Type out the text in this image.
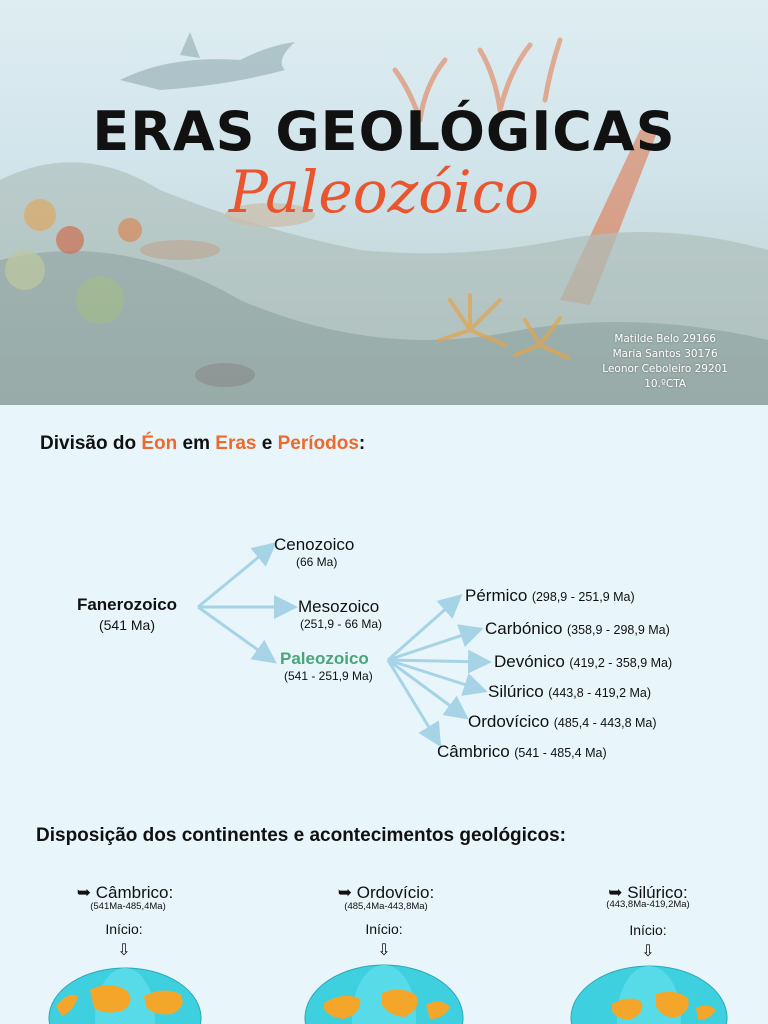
ERAS GEOLÓGICAS
Paleozóico
Matilde Belo 29166
Maria Santos 30176
Leonor Ceboleiro 29201
10.ºCTA
Divisão do Éon em Eras e Períodos:
Fanerozoico
(541 Ma)
Cenozoico
(66 Ma)
Mesozoico
(251,9 - 66 Ma)
Paleozoico
(541 - 251,9 Ma)
Pérmico (298,9 - 251,9 Ma)
Carbónico (358,9 - 298,9 Ma)
Devónico (419,2 - 358,9 Ma)
Silúrico (443,8 - 419,2 Ma)
Ordovícico (485,4 - 443,8 Ma)
Câmbrico (541 - 485,4 Ma)
Disposição dos continentes e acontecimentos geológicos:
➥ Câmbrico:
(541Ma-485,4Ma)
Início:
⇩
➥ Ordovício:
(485,4Ma-443,8Ma)
Início:
⇩
➥ Silúrico:
(443,8Ma-419,2Ma)
Início:
⇩
